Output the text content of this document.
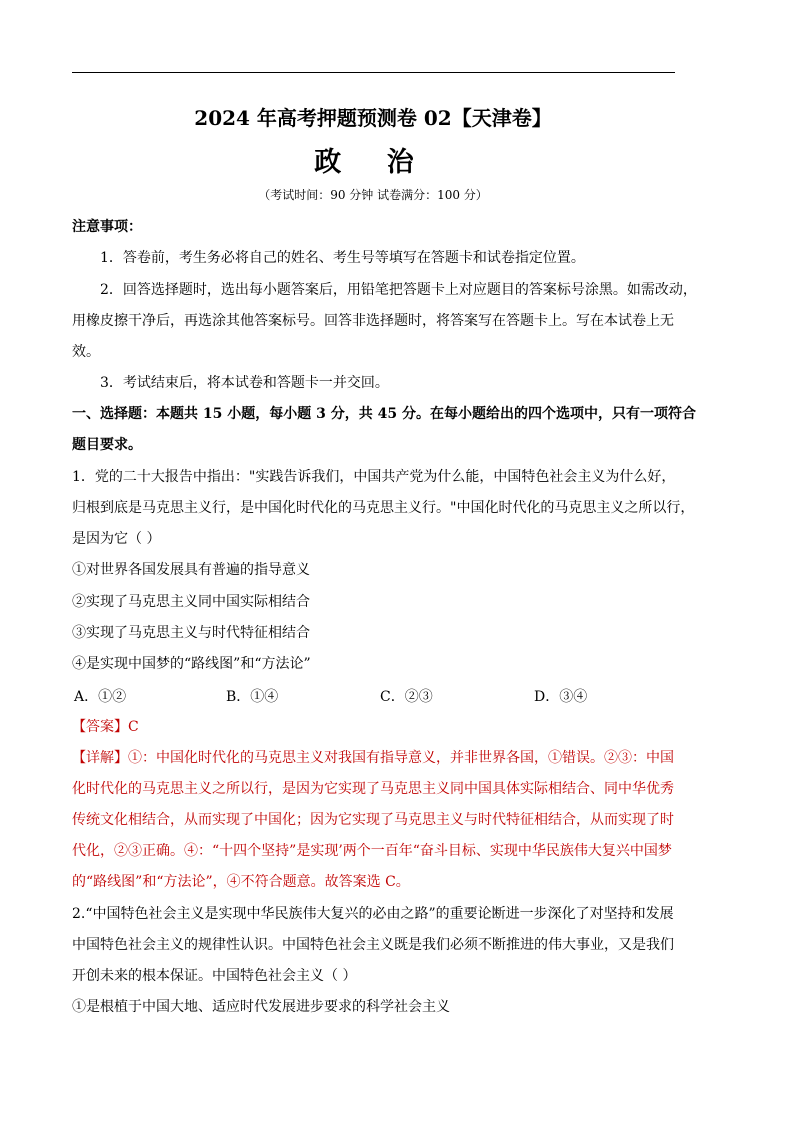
2024 年高考押题预测卷 02【天津卷】
政 治
（考试时间：90 分钟 试卷满分：100 分）
注意事项：
1．答卷前，考生务必将自己的姓名、考生号等填写在答题卡和试卷指定位置。
2．回答选择题时，选出每小题答案后，用铅笔把答题卡上对应题目的答案标号涂黑。如需改动，
用橡皮擦干净后，再选涂其他答案标号。回答非选择题时，将答案写在答题卡上。写在本试卷上无
效。
3．考试结束后，将本试卷和答题卡一并交回。
一、选择题：本题共 15 小题，每小题 3 分，共 45 分。在每小题给出的四个选项中，只有一项符合
题目要求。
1．党的二十大报告中指出："实践告诉我们，中国共产党为什么能，中国特色社会主义为什么好，
归根到底是马克思主义行，是中国化时代化的马克思主义行。"中国化时代化的马克思主义之所以行，
是因为它（ ）
①对世界各国发展具有普遍的指导意义
②实现了马克思主义同中国实际相结合
③实现了马克思主义与时代特征相结合
④是实现中国梦的“路线图”和“方法论”
A．①②	B．①④	C．②③	D．③④
【答案】C
【详解】①：中国化时代化的马克思主义对我国有指导意义，并非世界各国，①错误。②③：中国
化时代化的马克思主义之所以行，是因为它实现了马克思主义同中国具体实际相结合、同中华优秀
传统文化相结合，从而实现了中国化；因为它实现了马克思主义与时代特征相结合，从而实现了时
代化，②③正确。④：“十四个坚持”是实现’两个一百年“奋斗目标、实现中华民族伟大复兴中国梦
的“路线图”和“方法论”，④不符合题意。故答案选 C。
2.“中国特色社会主义是实现中华民族伟大复兴的必由之路”的重要论断进一步深化了对坚持和发展
中国特色社会主义的规律性认识。中国特色社会主义既是我们必须不断推进的伟大事业，又是我们
开创未来的根本保证。中国特色社会主义（ ）
①是根植于中国大地、适应时代发展进步要求的科学社会主义
